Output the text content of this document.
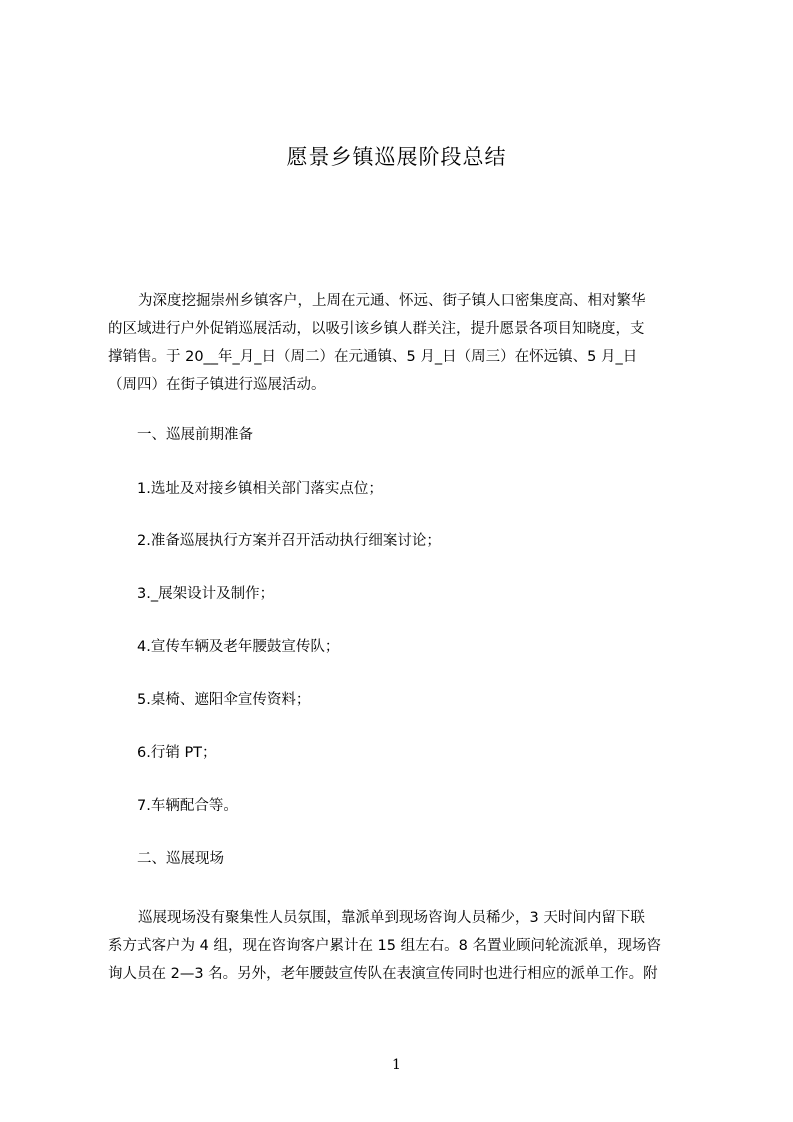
愿景乡镇巡展阶段总结
为深度挖掘崇州乡镇客户，上周在元通、怀远、街子镇人口密集度高、相对繁华
的区域进行户外促销巡展活动，以吸引该乡镇人群关注，提升愿景各项目知晓度，支
撑销售。于 20__年_月_日（周二）在元通镇、5 月_日（周三）在怀远镇、5 月_日
（周四）在街子镇进行巡展活动。
一、巡展前期准备
1.选址及对接乡镇相关部门落实点位；
2.准备巡展执行方案并召开活动执行细案讨论；
3._展架设计及制作；
4.宣传车辆及老年腰鼓宣传队；
5.桌椅、遮阳伞宣传资料；
6.行销 PT；
7.车辆配合等。
二、巡展现场
巡展现场没有聚集性人员氛围，靠派单到现场咨询人员稀少，3 天时间内留下联
系方式客户为 4 组，现在咨询客户累计在 15 组左右。8 名置业顾问轮流派单，现场咨
询人员在 2—3 名。另外，老年腰鼓宣传队在表演宣传同时也进行相应的派单工作。附
1
